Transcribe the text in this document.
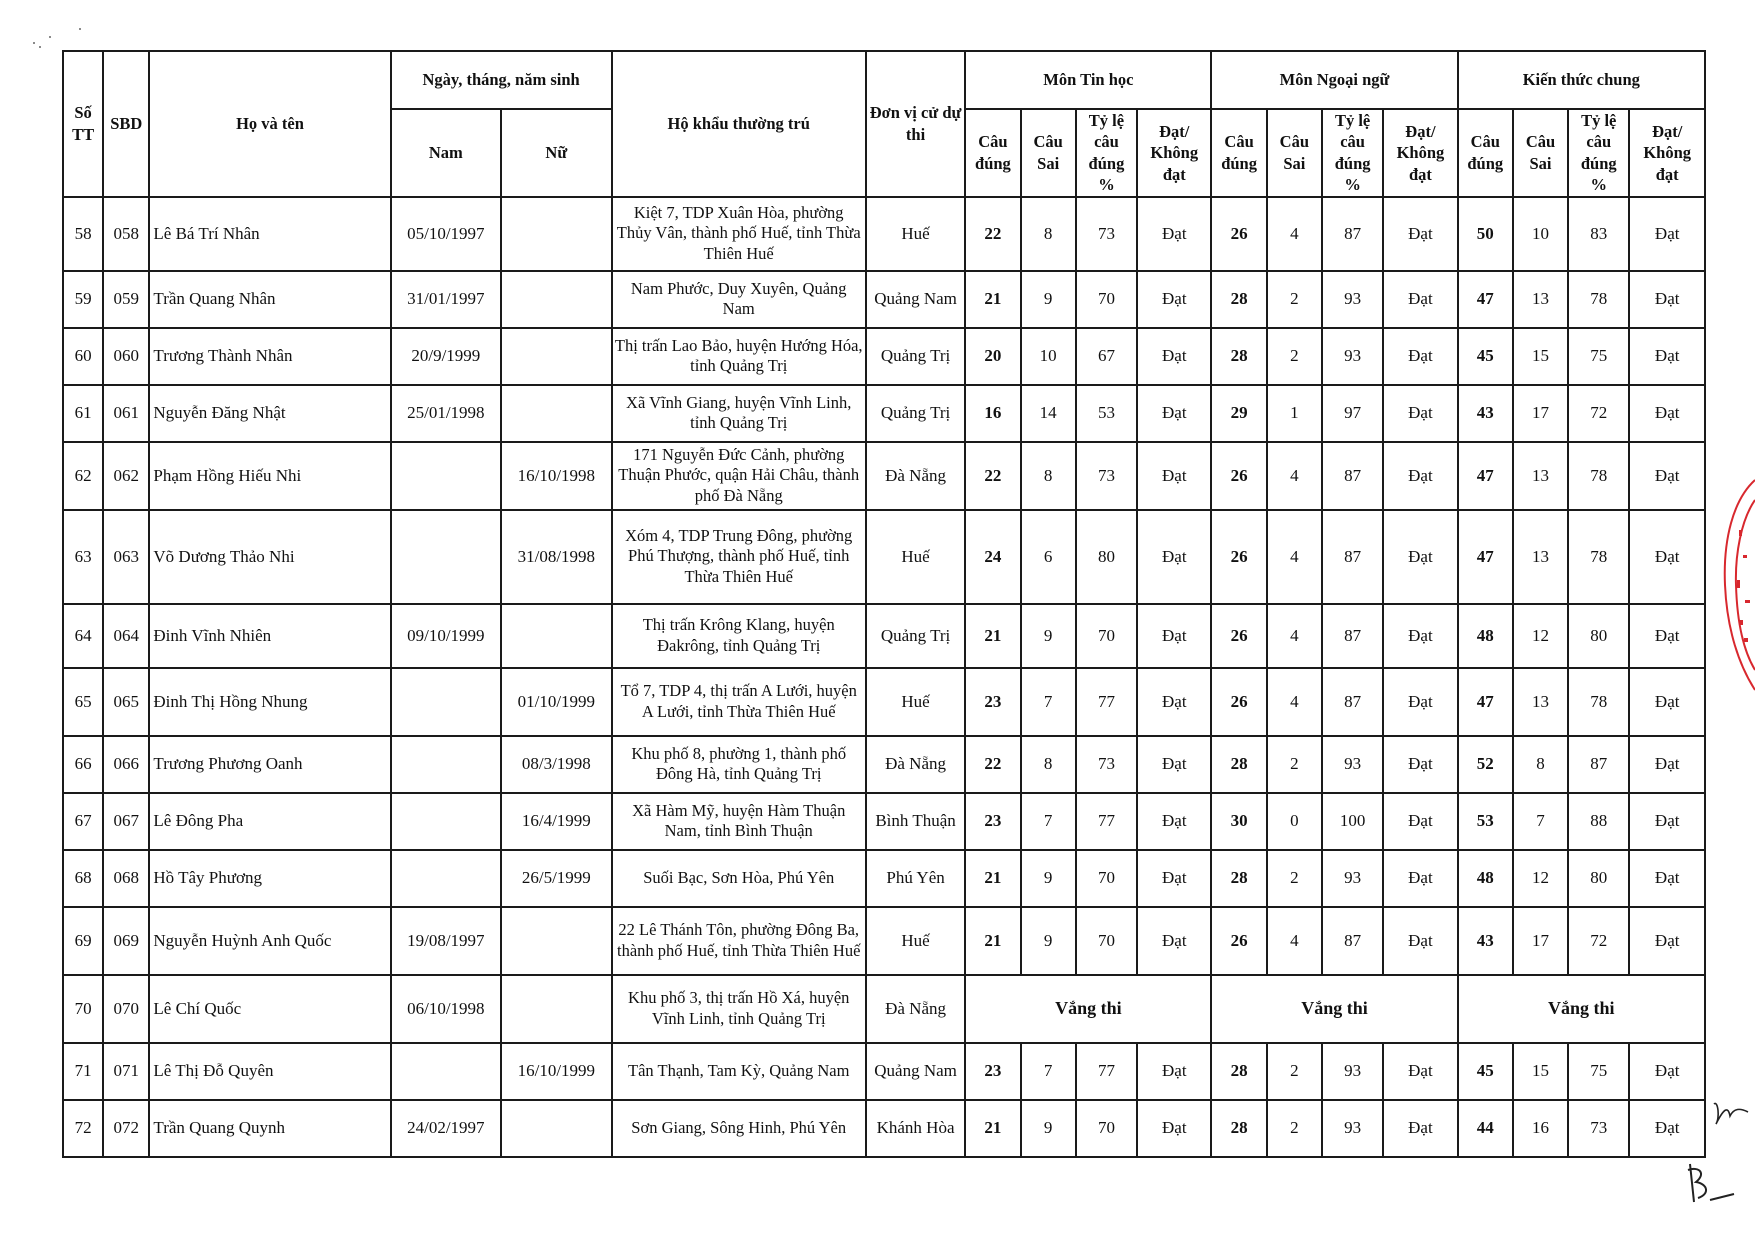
Số TT	SBD	Họ và tên	Ngày, tháng, năm sinh		Hộ khẩu thường trú	Đơn vị cử dự thi	Môn Tin học				Môn Ngoại ngữ				Kiến thức chung			
			Nam	Nữ			Câu đúng	Câu Sai	Tỷ lệ câu đúng %	Đạt/ Không đạt	Câu đúng	Câu Sai	Tỷ lệ câu đúng %	Đạt/ Không đạt	Câu đúng	Câu Sai	Tỷ lệ câu đúng %	Đạt/ Không đạt
58	058	Lê Bá Trí Nhân	05/10/1997		Kiệt 7, TDP Xuân Hòa, phường Thủy Vân, thành phố Huế, tỉnh Thừa Thiên Huế	Huế	22	8	73	Đạt	26	4	87	Đạt	50	10	83	Đạt
59	059	Trần Quang Nhân	31/01/1997		Nam Phước, Duy Xuyên, Quảng Nam	Quảng Nam	21	9	70	Đạt	28	2	93	Đạt	47	13	78	Đạt
60	060	Trương Thành Nhân	20/9/1999		Thị trấn Lao Bảo, huyện Hướng Hóa, tỉnh Quảng Trị	Quảng Trị	20	10	67	Đạt	28	2	93	Đạt	45	15	75	Đạt
61	061	Nguyễn Đăng Nhật	25/01/1998		Xã Vĩnh Giang, huyện Vĩnh Linh, tỉnh Quảng Trị	Quảng Trị	16	14	53	Đạt	29	1	97	Đạt	43	17	72	Đạt
62	062	Phạm Hồng Hiếu Nhi		16/10/1998	171 Nguyễn Đức Cảnh, phường Thuận Phước, quận Hải Châu, thành phố Đà Nẵng	Đà Nẵng	22	8	73	Đạt	26	4	87	Đạt	47	13	78	Đạt
63	063	Võ Dương Thảo Nhi		31/08/1998	Xóm 4, TDP Trung Đông, phường Phú Thượng, thành phố Huế, tỉnh Thừa Thiên Huế	Huế	24	6	80	Đạt	26	4	87	Đạt	47	13	78	Đạt
64	064	Đinh Vĩnh Nhiên	09/10/1999		Thị trấn Krông Klang, huyện Đakrông, tỉnh Quảng Trị	Quảng Trị	21	9	70	Đạt	26	4	87	Đạt	48	12	80	Đạt
65	065	Đinh Thị Hồng Nhung		01/10/1999	Tổ 7, TDP 4, thị trấn A Lưới, huyện A Lưới, tỉnh Thừa Thiên Huế	Huế	23	7	77	Đạt	26	4	87	Đạt	47	13	78	Đạt
66	066	Trương Phương Oanh		08/3/1998	Khu phố 8, phường 1, thành phố Đông Hà, tỉnh Quảng Trị	Đà Nẵng	22	8	73	Đạt	28	2	93	Đạt	52	8	87	Đạt
67	067	Lê Đông Pha		16/4/1999	Xã Hàm Mỹ, huyện Hàm Thuận Nam, tỉnh Bình Thuận	Bình Thuận	23	7	77	Đạt	30	0	100	Đạt	53	7	88	Đạt
68	068	Hồ Tây Phương		26/5/1999	Suối Bạc, Sơn Hòa, Phú Yên	Phú Yên	21	9	70	Đạt	28	2	93	Đạt	48	12	80	Đạt
69	069	Nguyễn Huỳnh Anh Quốc	19/08/1997		22 Lê Thánh Tôn, phường Đông Ba, thành phố Huế, tỉnh Thừa Thiên Huế	Huế	21	9	70	Đạt	26	4	87	Đạt	43	17	72	Đạt
70	070	Lê Chí Quốc	06/10/1998		Khu phố 3, thị trấn Hồ Xá, huyện Vĩnh Linh, tỉnh Quảng Trị	Đà Nẵng	Vắng thi				Vắng thi				Vắng thi			
71	071	Lê Thị Đỗ Quyên		16/10/1999	Tân Thạnh, Tam Kỳ, Quảng Nam	Quảng Nam	23	7	77	Đạt	28	2	93	Đạt	45	15	75	Đạt
72	072	Trần Quang Quynh	24/02/1997		Sơn Giang, Sông Hinh, Phú Yên	Khánh Hòa	21	9	70	Đạt	28	2	93	Đạt	44	16	73	Đạt
